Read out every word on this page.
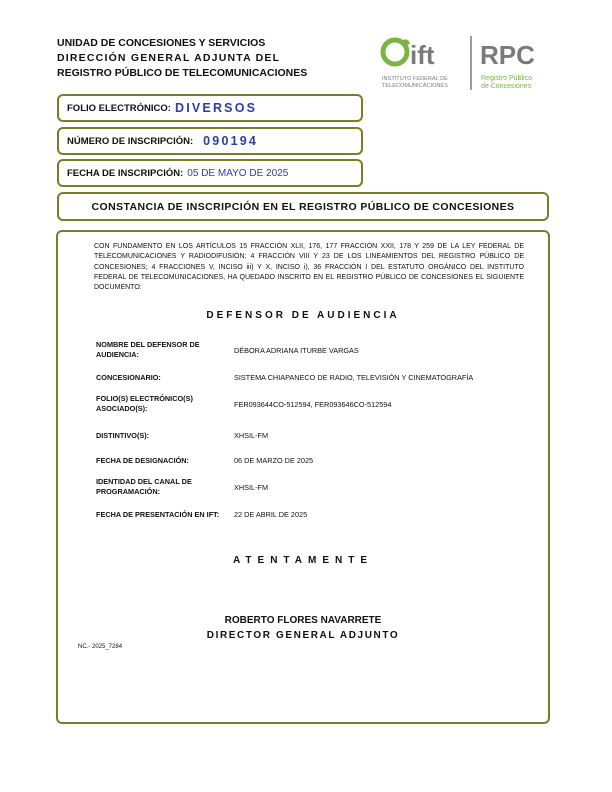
UNIDAD DE CONCESIONES Y SERVICIOS
DIRECCIÓN GENERAL ADJUNTA DEL
REGISTRO PÚBLICO DE TELECOMUNICACIONES
ift
INSTITUTO FEDERAL DE
TELECOMUNICACIONES
RPC
Registro Público
de Concesiones
FOLIO ELECTRÓNICO: DIVERSOS
NÚMERO DE INSCRIPCIÓN: 090194
FECHA DE INSCRIPCIÓN: 05 DE MAYO DE 2025
CONSTANCIA DE INSCRIPCIÓN EN EL REGISTRO PÚBLICO DE CONCESIONES
CON FUNDAMENTO EN LOS ARTÍCULOS 15 FRACCIÓN XLII, 176, 177 FRACCIÓN XXII, 178 Y 259 DE LA LEY FEDERAL DE TELECOMUNICACIONES Y RADIODIFUSIÓN; 4 FRACCIÓN VIII Y 23 DE LOS LINEAMIENTOS DEL REGISTRO PÚBLICO DE CONCESIONES; 4 FRACCIONES V, INCISO iii) Y X, INCISO i), 36 FRACCIÓN I DEL ESTATUTO ORGÁNICO DEL INSTITUTO FEDERAL DE TELECOMUNICACIONES, HA QUEDADO INSCRITO EN EL REGISTRO PÚBLICO DE CONCESIONES EL SIGUIENTE DOCUMENTO:
DEFENSOR DE AUDIENCIA
NOMBRE DEL DEFENSOR DE AUDIENCIA:	DÉBORA ADRIANA ITURBE VARGAS
CONCESIONARIO:	SISTEMA CHIAPANECO DE RADIO, TELEVISIÓN Y CINEMATOGRAFÍA
FOLIO(S) ELECTRÓNICO(S) ASOCIADO(S):	FER093644CO-512594, FER093646CO-512594
DISTINTIVO(S):	XHSIL-FM
FECHA DE DESIGNACIÓN:	06 DE MARZO DE 2025
IDENTIDAD DEL CANAL DE PROGRAMACIÓN:	XHSIL-FM
FECHA DE PRESENTACIÓN EN IFT:	22 DE ABRIL DE 2025
ATENTAMENTE
ROBERTO FLORES NAVARRETE
DIRECTOR GENERAL ADJUNTO
NC.- 2025_7284
